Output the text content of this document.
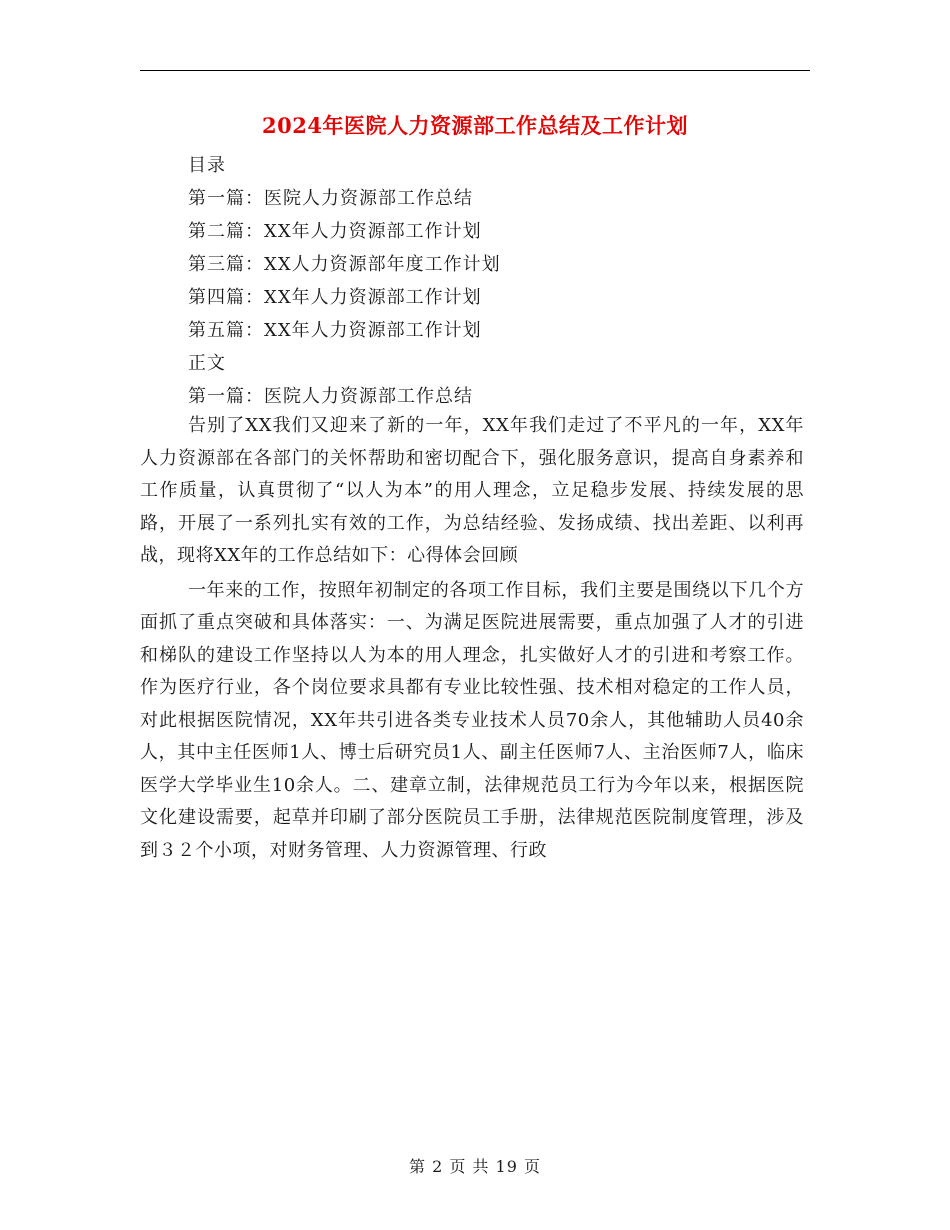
2024年医院人力资源部工作总结及工作计划
目录
第一篇：医院人力资源部工作总结
第二篇：XX年人力资源部工作计划
第三篇：XX人力资源部年度工作计划
第四篇：XX年人力资源部工作计划
第五篇：XX年人力资源部工作计划
正文
第一篇：医院人力资源部工作总结

告别了XX我们又迎来了新的一年，XX年我们走过了不平凡的一年，XX年人力资源部在各部门的关怀帮助和密切配合下，强化服务意识，提高自身素养和工作质量，认真贯彻了“以人为本”的用人理念，立足稳步发展、持续发展的思路，开展了一系列扎实有效的工作，为总结经验、发扬成绩、找出差距、以利再战，现将XX年的工作总结如下：心得体会回顾

一年来的工作，按照年初制定的各项工作目标，我们主要是围绕以下几个方面抓了重点突破和具体落实：一、为满足医院进展需要，重点加强了人才的引进和梯队的建设工作坚持以人为本的用人理念，扎实做好人才的引进和考察工作。作为医疗行业，各个岗位要求具都有专业比较性强、技术相对稳定的工作人员，对此根据医院情况，XX年共引进各类专业技术人员70余人，其他辅助人员40余人，其中主任医师1人、博士后研究员1人、副主任医师7人、主治医师7人，临床医学大学毕业生10余人。二、建章立制，法律规范员工行为今年以来，根据医院文化建设需要，起草并印刷了部分医院员工手册，法律规范医院制度管理，涉及到３２个小项，对财务管理、人力资源管理、行政

第 2 页 共 19 页
